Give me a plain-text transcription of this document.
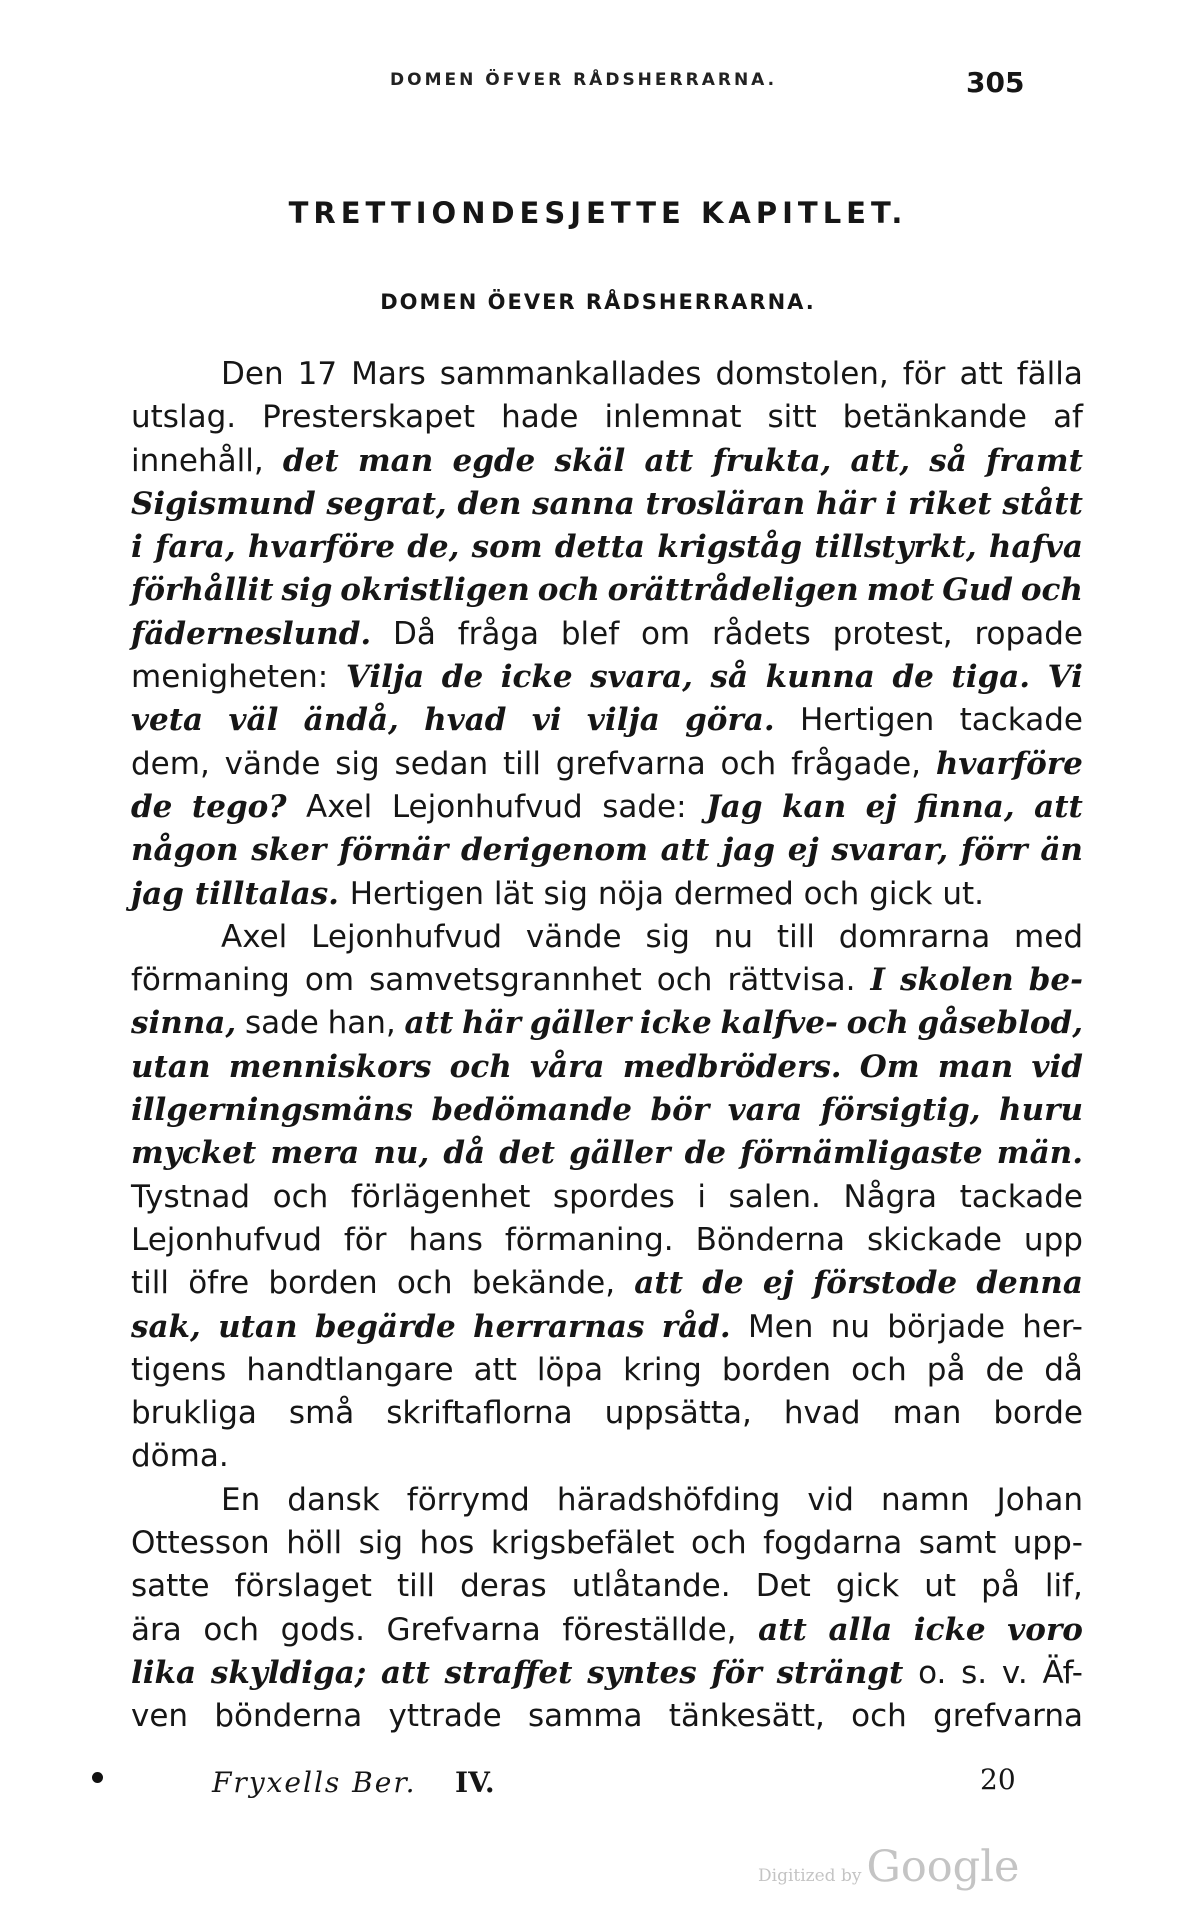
DOMEN ÖFVER RÅDSHERRARNA.	305
TRETTIONDESJETTE KAPITLET.
DOMEN ÖEVER RÅDSHERRARNA.
Den 17 Mars sammankallades domstolen, för att fälla
utslag. Presterskapet hade inlemnat sitt betänkande af
innehåll, det man egde skäl att frukta, att, så framt
Sigismund segrat, den sanna trosläran här i riket stått
i fara, hvarföre de, som detta krigståg tillstyrkt, hafva
förhållit sig okristligen och orättrådeligen mot Gud och
fäderneslund. Då fråga blef om rådets protest, ropade
menigheten: Vilja de icke svara, så kunna de tiga. Vi
veta väl ändå, hvad vi vilja göra. Hertigen tackade
dem, vände sig sedan till grefvarna och frågade, hvarföre
de tego? Axel Lejonhufvud sade: Jag kan ej finna, att
någon sker förnär derigenom att jag ej svarar, förr än
jag tilltalas. Hertigen lät sig nöja dermed och gick ut.
Axel Lejonhufvud vände sig nu till domrarna med
förmaning om samvetsgrannhet och rättvisa. I skolen be-
sinna, sade han, att här gäller icke kalfve- och gåseblod,
utan menniskors och våra medbröders. Om man vid
illgerningsmäns bedömande bör vara försigtig, huru
mycket mera nu, då det gäller de förnämligaste män.
Tystnad och förlägenhet spordes i salen. Några tackade
Lejonhufvud för hans förmaning. Bönderna skickade upp
till öfre borden och bekände, att de ej förstode denna
sak, utan begärde herrarnas råd. Men nu började her-
tigens handtlangare att löpa kring borden och på de då
brukliga små skriftaflorna uppsätta, hvad man borde
döma.
En dansk förrymd häradshöfding vid namn Johan
Ottesson höll sig hos krigsbefälet och fogdarna samt upp-
satte förslaget till deras utlåtande. Det gick ut på lif,
ära och gods. Grefvarna föreställde, att alla icke voro
lika skyldiga; att straffet syntes för strängt o. s. v. Äf-
ven bönderna yttrade samma tänkesätt, och grefvarna
Fryxells Ber. IV.	20
Digitized by Google
